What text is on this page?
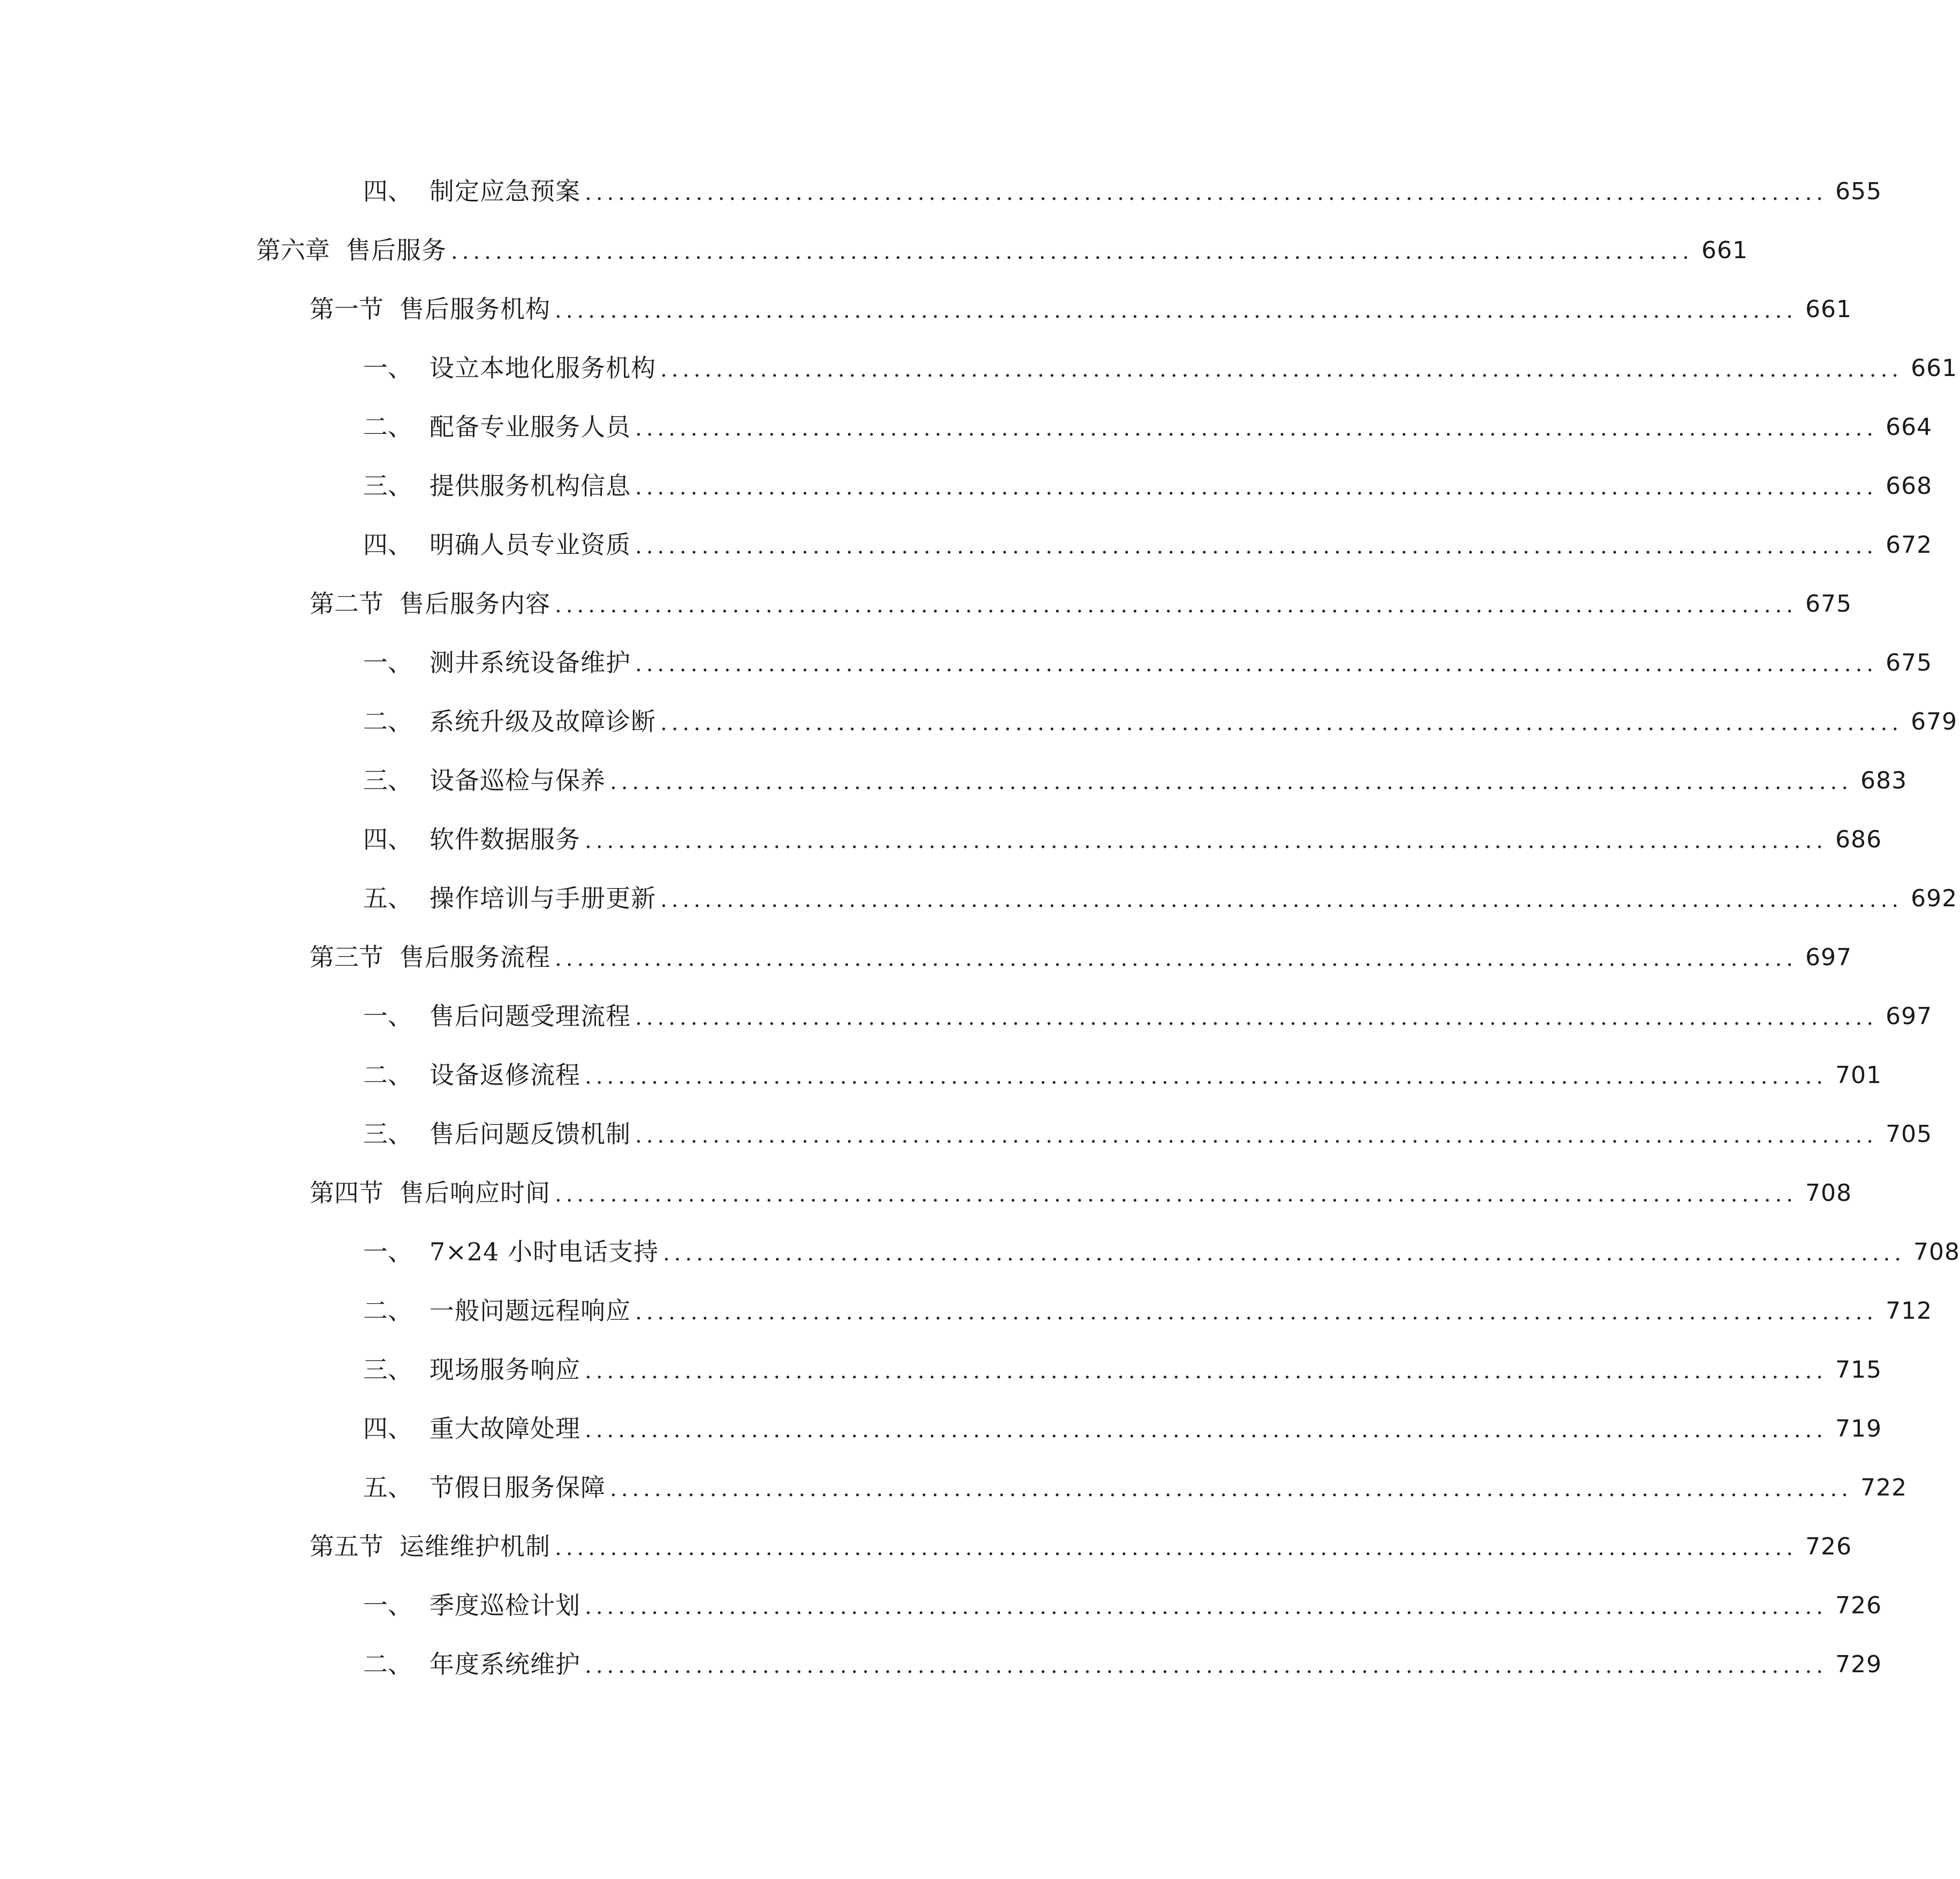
四、 制定应急预案 ................................................................................................................ 655
第六章 售后服务 ................................................................................................................ 661
第一节 售后服务机构 ................................................................................................................ 661
一、 设立本地化服务机构 ................................................................................................................ 661
二、 配备专业服务人员 ................................................................................................................ 664
三、 提供服务机构信息 ................................................................................................................ 668
四、 明确人员专业资质 ................................................................................................................ 672
第二节 售后服务内容 ................................................................................................................ 675
一、 测井系统设备维护 ................................................................................................................ 675
二、 系统升级及故障诊断 ................................................................................................................ 679
三、 设备巡检与保养 ................................................................................................................ 683
四、 软件数据服务 ................................................................................................................ 686
五、 操作培训与手册更新 ................................................................................................................ 692
第三节 售后服务流程 ................................................................................................................ 697
一、 售后问题受理流程 ................................................................................................................ 697
二、 设备返修流程 ................................................................................................................ 701
三、 售后问题反馈机制 ................................................................................................................ 705
第四节 售后响应时间 ................................................................................................................ 708
一、 7×24 小时电话支持 ................................................................................................................ 708
二、 一般问题远程响应 ................................................................................................................ 712
三、 现场服务响应 ................................................................................................................ 715
四、 重大故障处理 ................................................................................................................ 719
五、 节假日服务保障 ................................................................................................................ 722
第五节 运维维护机制 ................................................................................................................ 726
一、 季度巡检计划 ................................................................................................................ 726
二、 年度系统维护 ................................................................................................................ 729
